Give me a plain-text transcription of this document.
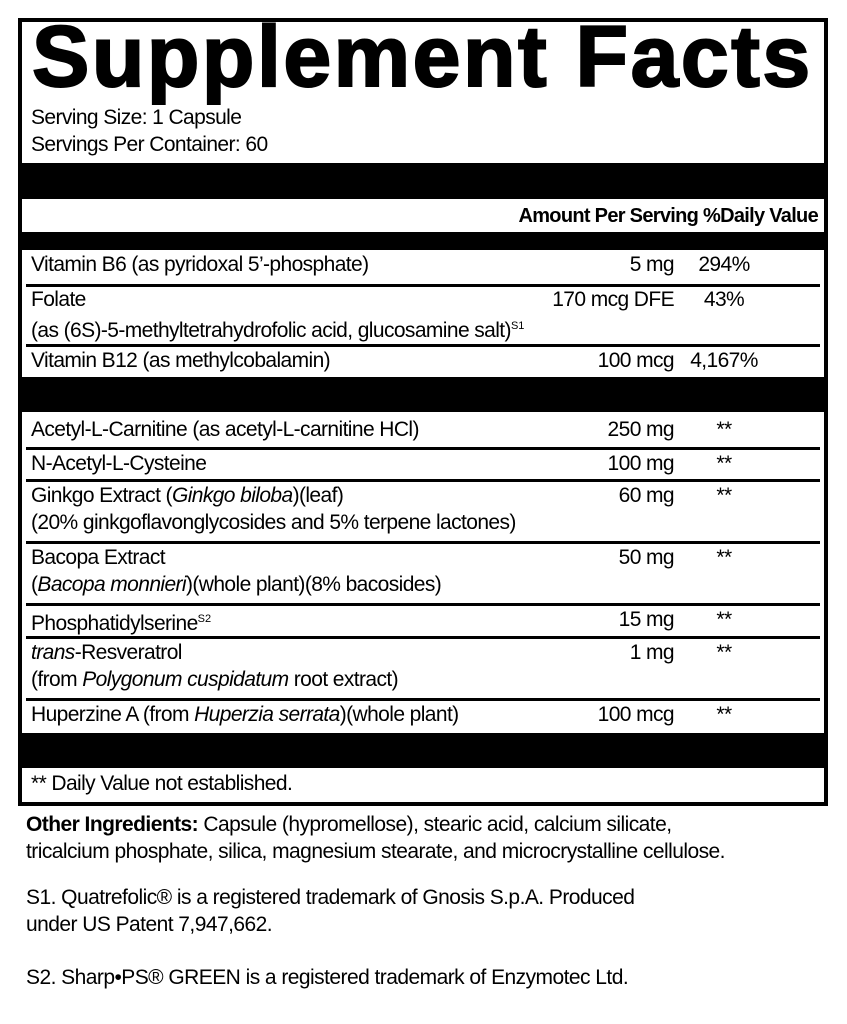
Supplement Facts
Serving Size: 1 Capsule
Servings Per Container: 60
Amount Per Serving %Daily Value
Vitamin B6 (as pyridoxal 5’-phosphate)	5 mg	294%
Folate
(as (6S)-5-methyltetrahydrofolic acid, glucosamine salt)$^{S1}$
170 mcg DFE	43%
Vitamin B12 (as methylcobalamin)	100 mcg 4,167%
Acetyl-L-Carnitine (as acetyl-L-carnitine HCl)	250 mg	**
N-Acetyl-L-Cysteine	100 mg	**
Ginkgo Extract (Ginkgo biloba)(leaf)
(20% ginkgoflavonglycosides and 5% terpene lactones)
60 mg	**
Bacopa Extract
(Bacopa monnieri)(whole plant)(8% bacosides)
50 mg	**
Phosphatidylserine$^{S2}$	15 mg	**
trans-Resveratrol
(from Polygonum cuspidatum root extract)
1 mg	**
Huperzine A (from Huperzia serrata)(whole plant)	100 mcg	**
** Daily Value not established.
Other Ingredients: Capsule (hypromellose), stearic acid, calcium silicate,
tricalcium phosphate, silica, magnesium stearate, and microcrystalline cellulose.
S1. Quatrefolic® is a registered trademark of Gnosis S.p.A. Produced
under US Patent 7,947,662.
S2. Sharp•PS® GREEN is a registered trademark of Enzymotec Ltd.
